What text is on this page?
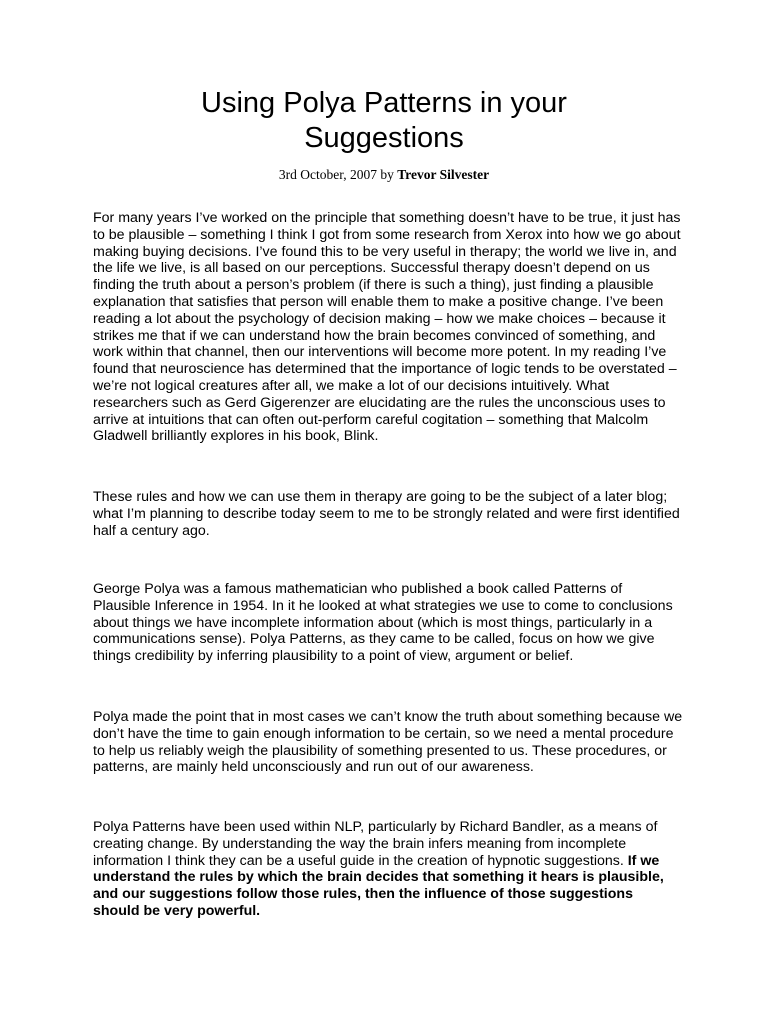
Using Polya Patterns in your
Suggestions
3rd October, 2007 by Trevor Silvester

For many years I’ve worked on the principle that something doesn’t have to be true, it just has to be plausible – something I think I got from some research from Xerox into how we go about making buying decisions. I’ve found this to be very useful in therapy; the world we live in, and the life we live, is all based on our perceptions. Successful therapy doesn’t depend on us finding the truth about a person’s problem (if there is such a thing), just finding a plausible explanation that satisfies that person will enable them to make a positive change. I’ve been reading a lot about the psychology of decision making – how we make choices – because it strikes me that if we can understand how the brain becomes convinced of something, and work within that channel, then our interventions will become more potent. In my reading I’ve found that neuroscience has determined that the importance of logic tends to be overstated – we’re not logical creatures after all, we make a lot of our decisions intuitively. What researchers such as Gerd Gigerenzer are elucidating are the rules the unconscious uses to arrive at intuitions that can often out-perform careful cogitation – something that Malcolm Gladwell brilliantly explores in his book, Blink.

These rules and how we can use them in therapy are going to be the subject of a later blog; what I’m planning to describe today seem to me to be strongly related and were first identified half a century ago.

George Polya was a famous mathematician who published a book called Patterns of Plausible Inference in 1954. In it he looked at what strategies we use to come to conclusions about things we have incomplete information about (which is most things, particularly in a communications sense). Polya Patterns, as they came to be called, focus on how we give things credibility by inferring plausibility to a point of view, argument or belief.

Polya made the point that in most cases we can’t know the truth about something because we don’t have the time to gain enough information to be certain, so we need a mental procedure to help us reliably weigh the plausibility of something presented to us. These procedures, or patterns, are mainly held unconsciously and run out of our awareness.

Polya Patterns have been used within NLP, particularly by Richard Bandler, as a means of creating change. By understanding the way the brain infers meaning from incomplete information I think they can be a useful guide in the creation of hypnotic suggestions. If we understand the rules by which the brain decides that something it hears is plausible, and our suggestions follow those rules, then the influence of those suggestions should be very powerful.
